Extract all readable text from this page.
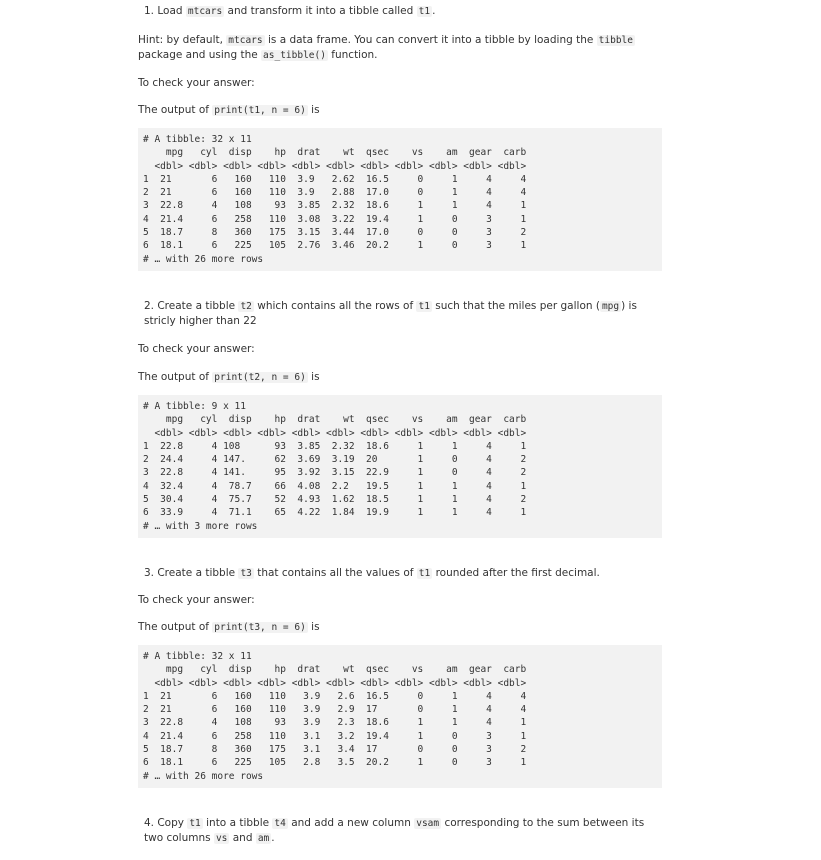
1. Load mtcars and transform it into a tibble called t1 .

Hint: by default, mtcars is a data frame. You can convert it into a tibble by loading the tibble package and using the as_tibble() function.

To check your answer:

The output of print(t1, n = 6) is

# A tibble: 32 x 11
mpg   cyl  disp    hp  drat    wt  qsec    vs    am  gear  carb
<dbl> <dbl> <dbl> <dbl> <dbl> <dbl> <dbl> <dbl> <dbl> <dbl> <dbl>
1  21       6   160   110  3.9   2.62  16.5     0     1     4     4
2  21       6   160   110  3.9   2.88  17.0     0     1     4     4
3  22.8     4   108    93  3.85  2.32  18.6     1     1     4     1
4  21.4     6   258   110  3.08  3.22  19.4     1     0     3     1
5  18.7     8   360   175  3.15  3.44  17.0     0     0     3     2
6  18.1     6   225   105  2.76  3.46  20.2     1     0     3     1
# … with 26 more rows

2. Create a tibble t2 which contains all the rows of t1 such that the miles per gallon ( mpg ) is stricly higher than 22

To check your answer:

The output of print(t2, n = 6) is

# A tibble: 9 x 11
mpg   cyl  disp    hp  drat    wt  qsec    vs    am  gear  carb
<dbl> <dbl> <dbl> <dbl> <dbl> <dbl> <dbl> <dbl> <dbl> <dbl> <dbl>
1  22.8     4 108      93  3.85  2.32  18.6     1     1     4     1
2  24.4     4 147.     62  3.69  3.19  20       1     0     4     2
3  22.8     4 141.     95  3.92  3.15  22.9     1     0     4     2
4  32.4     4  78.7    66  4.08  2.2   19.5     1     1     4     1
5  30.4     4  75.7    52  4.93  1.62  18.5     1     1     4     2
6  33.9     4  71.1    65  4.22  1.84  19.9     1     1     4     1
# … with 3 more rows

3. Create a tibble t3 that contains all the values of t1 rounded after the first decimal.

To check your answer:

The output of print(t3, n = 6) is

# A tibble: 32 x 11
mpg   cyl  disp    hp  drat    wt  qsec    vs    am  gear  carb
<dbl> <dbl> <dbl> <dbl> <dbl> <dbl> <dbl> <dbl> <dbl> <dbl> <dbl>
1  21       6   160   110   3.9   2.6  16.5     0     1     4     4
2  21       6   160   110   3.9   2.9  17       0     1     4     4
3  22.8     4   108    93   3.9   2.3  18.6     1     1     4     1
4  21.4     6   258   110   3.1   3.2  19.4     1     0     3     1
5  18.7     8   360   175   3.1   3.4  17       0     0     3     2
6  18.1     6   225   105   2.8   3.5  20.2     1     0     3     1
# … with 26 more rows

4. Copy t1 into a tibble t4 and add a new column vsam corresponding to the sum between its two columns vs and am .
